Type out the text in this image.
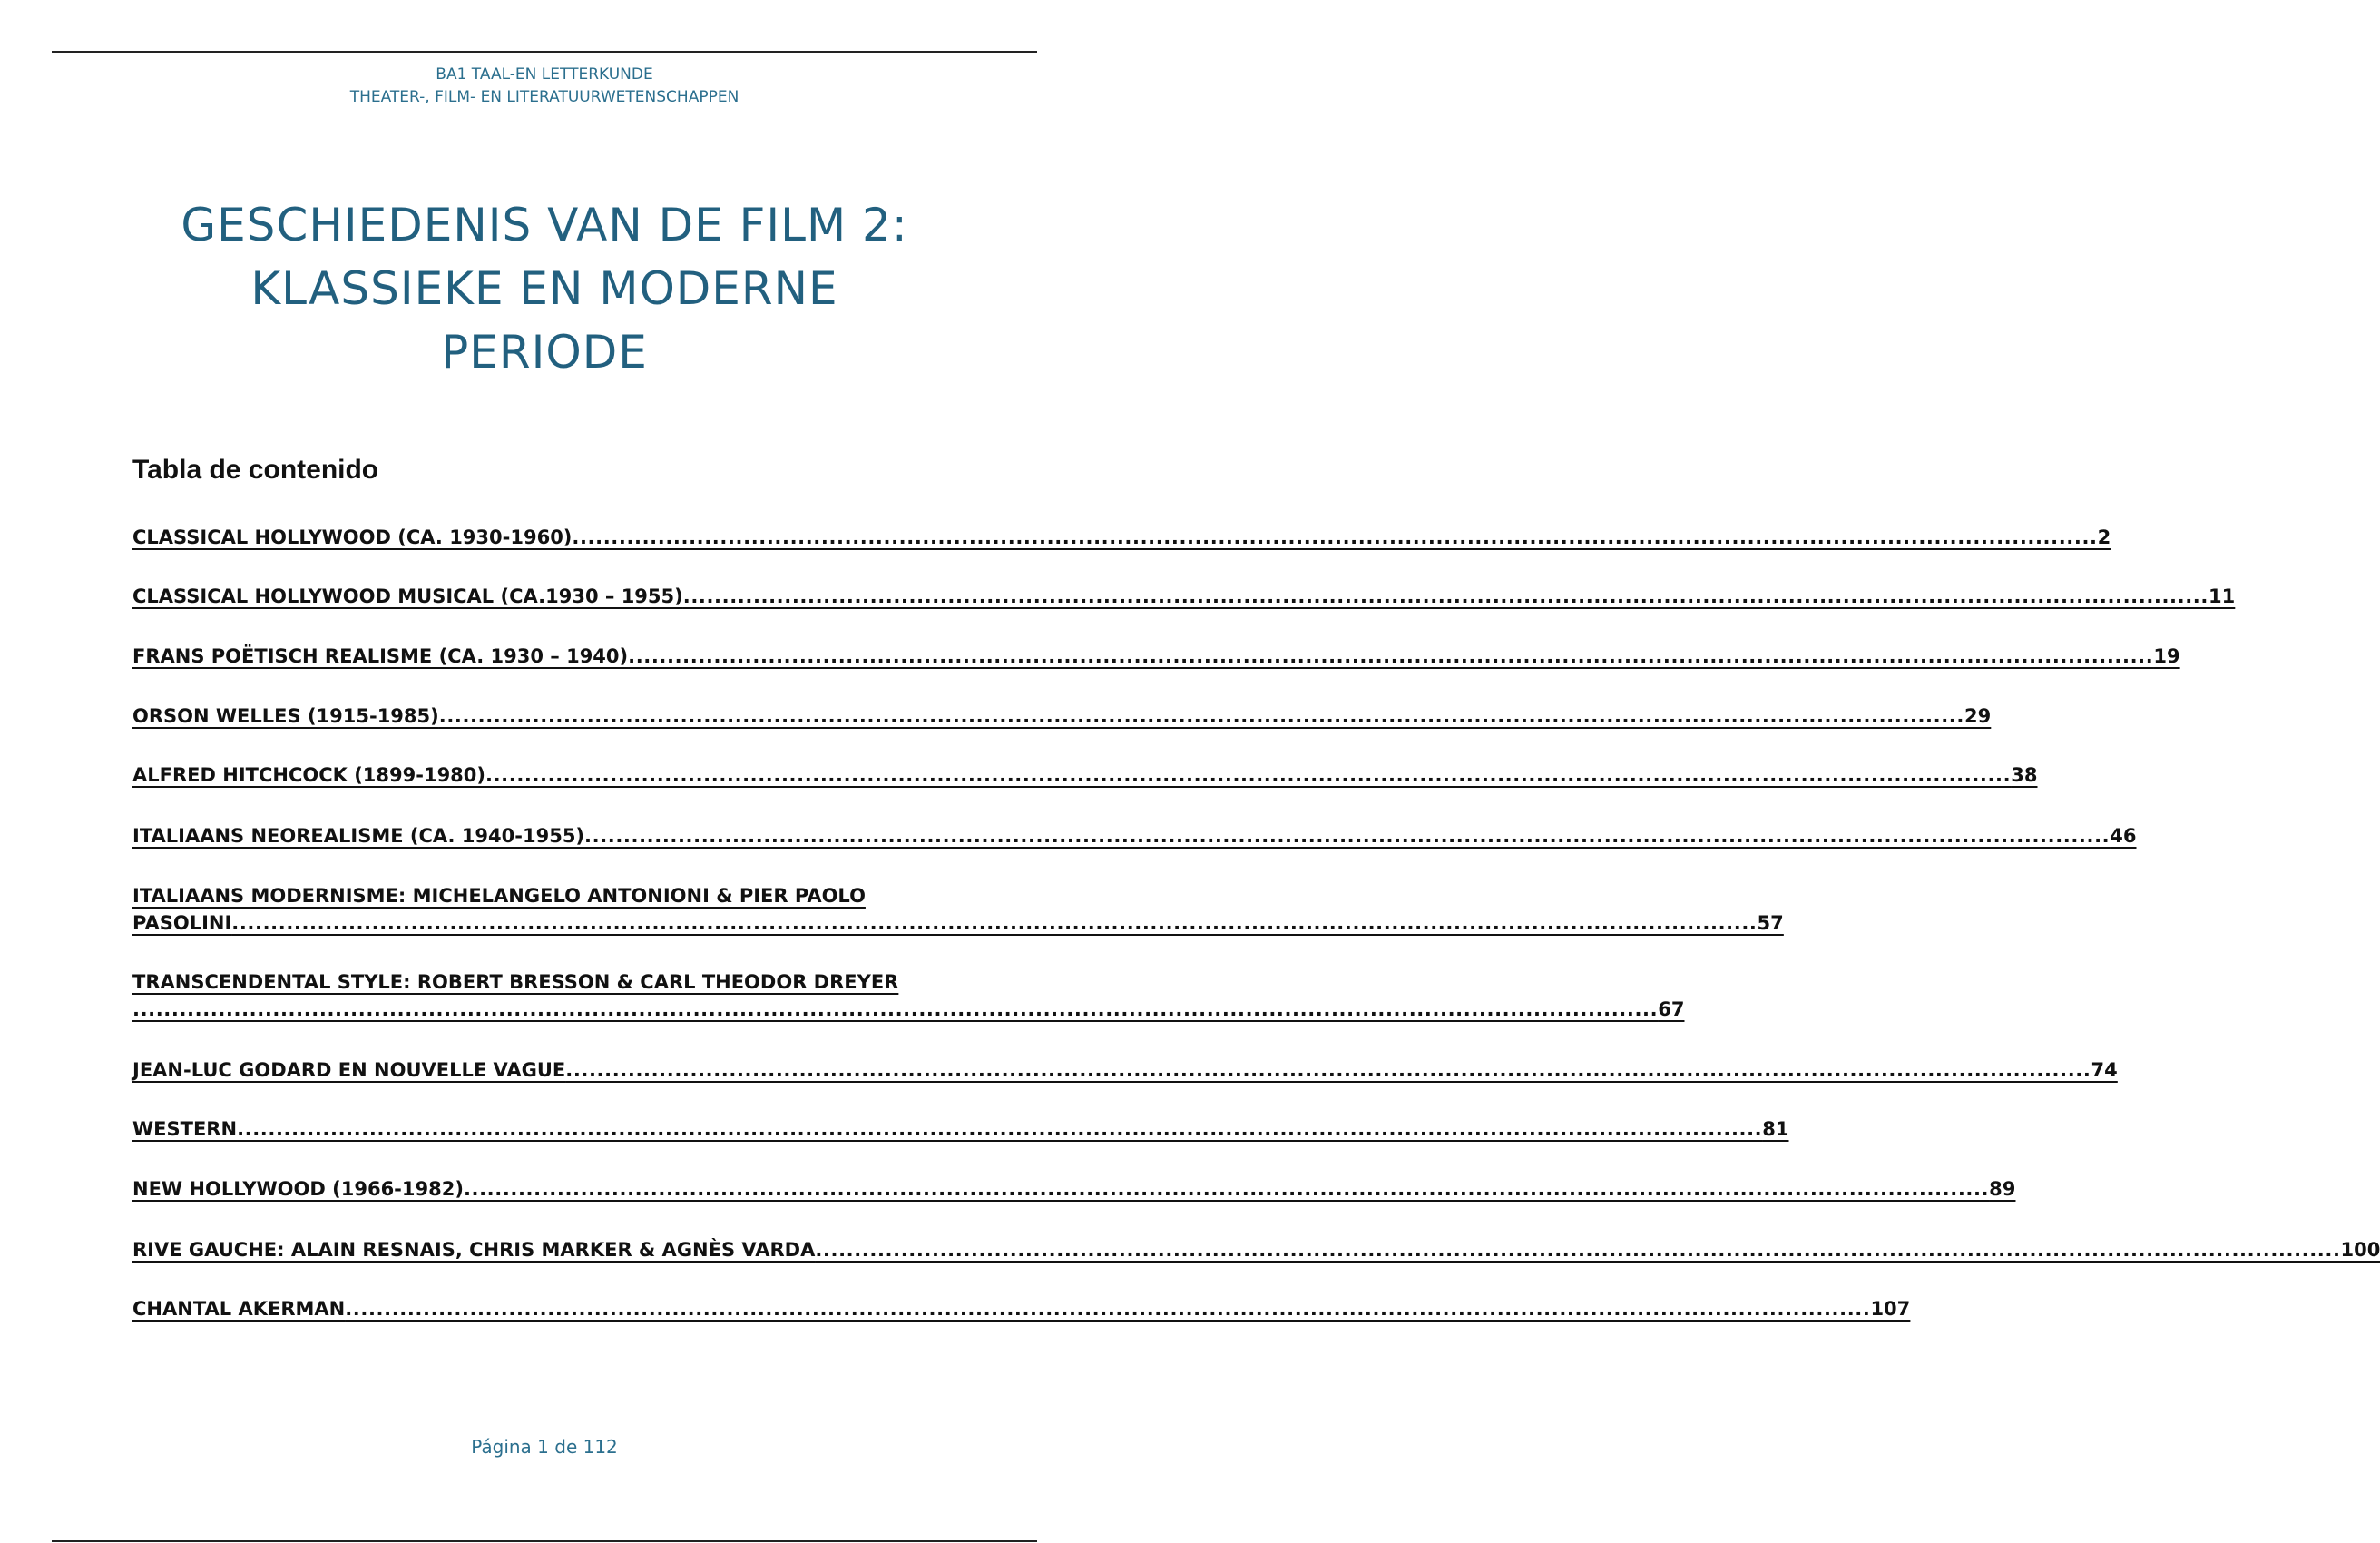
BA1 TAAL-EN LETTERKUNDE
THEATER-, FILM- EN LITERATUURWETENSCHAPPEN
GESCHIEDENIS VAN DE FILM 2:
KLASSIEKE EN MODERNE
PERIODE
Tabla de contenido
CLASSICAL HOLLYWOOD (CA. 1930-1960) .................................................................................................................................................................................................... 2
CLASSICAL HOLLYWOOD MUSICAL (CA.1930 – 1955) .................................................................................................................................................................................................... 11
FRANS POËTISCH REALISME (CA. 1930 – 1940) .................................................................................................................................................................................................... 19
ORSON WELLES (1915-1985) .................................................................................................................................................................................................... 29
ALFRED HITCHCOCK (1899-1980) .................................................................................................................................................................................................... 38
ITALIAANS NEOREALISME (CA. 1940-1955) .................................................................................................................................................................................................... 46
ITALIAANS MODERNISME: MICHELANGELO ANTONIONI & PIER PAOLO
PASOLINI .................................................................................................................................................................................................... 57
TRANSCENDENTAL STYLE: ROBERT BRESSON & CARL THEODOR DREYER
.................................................................................................................................................................................................... 67
JEAN-LUC GODARD EN NOUVELLE VAGUE .................................................................................................................................................................................................... 74
WESTERN .................................................................................................................................................................................................... 81
NEW HOLLYWOOD (1966-1982) .................................................................................................................................................................................................... 89
RIVE GAUCHE: ALAIN RESNAIS, CHRIS MARKER & AGNÈS VARDA .................................................................................................................................................................................................... 100
CHANTAL AKERMAN .................................................................................................................................................................................................... 107
Página 1 de 112
